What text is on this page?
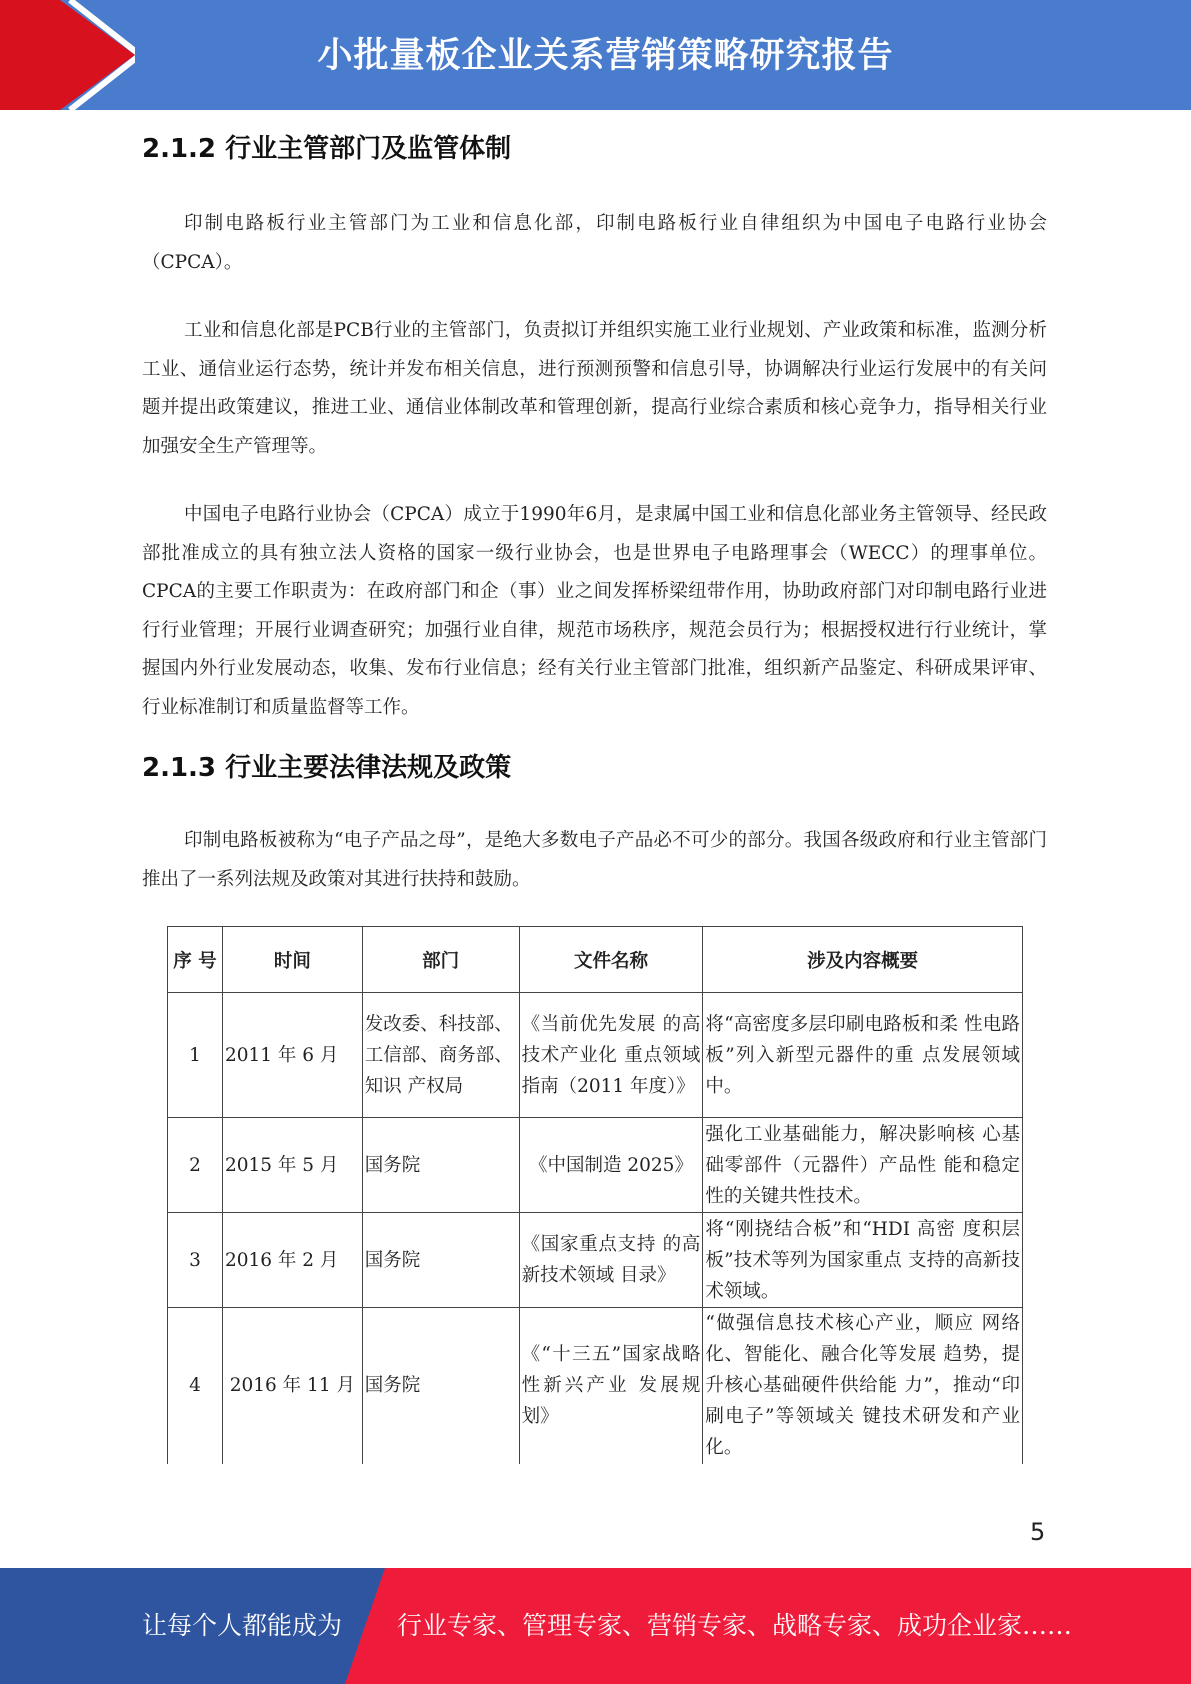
小批量板企业关系营销策略研究报告
2.1.2 行业主管部门及监管体制

印制电路板行业主管部门为工业和信息化部，印制电路板行业自律组织为中国电子电路行业协会（CPCA）。

工业和信息化部是PCB行业的主管部门，负责拟订并组织实施工业行业规划、产业政策和标准，监测分析工业、通信业运行态势，统计并发布相关信息，进行预测预警和信息引导，协调解决行业运行发展中的有关问题并提出政策建议，推进工业、通信业体制改革和管理创新，提高行业综合素质和核心竞争力，指导相关行业加强安全生产管理等。

中国电子电路行业协会（CPCA）成立于1990年6月，是隶属中国工业和信息化部业务主管领导、经民政部批准成立的具有独立法人资格的国家一级行业协会，也是世界电子电路理事会（WECC）的理事单位。CPCA的主要工作职责为：在政府部门和企（事）业之间发挥桥梁纽带作用，协助政府部门对印制电路行业进行行业管理；开展行业调查研究；加强行业自律，规范市场秩序，规范会员行为；根据授权进行行业统计，掌握国内外行业发展动态，收集、发布行业信息；经有关行业主管部门批准，组织新产品鉴定、科研成果评审、行业标准制订和质量监督等工作。

2.1.3 行业主要法律法规及政策

印制电路板被称为“电子产品之母”，是绝大多数电子产品必不可少的部分。我国各级政府和行业主管部门推出了一系列法规及政策对其进行扶持和鼓励。

序 号	时间	部门	文件名称	涉及内容概要
1	2011 年 6 月	发改委、科技部、工信部、商务部、知识 产权局	《当前优先发展 的高技术产业化 重点领域指南（2011 年度）》	将“高密度多层印刷电路板和柔 性电路板”列入新型元器件的重 点发展领域中。
2	2015 年 5 月	国务院	《中国制造 2025》	强化工业基础能力，解决影响核 心基础零部件（元器件）产品性 能和稳定性的关键共性技术。
3	2016 年 2 月	国务院	《国家重点支持 的高新技术领域 目录》	将“刚挠结合板”和“HDI 高密 度积层板”技术等列为国家重点 支持的高新技术领域。
4	2016 年 11 月	国务院	《“十三五”国家战略性新兴产业 发展规划》	“做强信息技术核心产业，顺应 网络化、智能化、融合化等发展 趋势，提升核心基础硬件供给能 力”，推动“印刷电子”等领域关 键技术研发和产业化。
5
让每个人都能成为 行业专家、管理专家、营销专家、战略专家、成功企业家……
